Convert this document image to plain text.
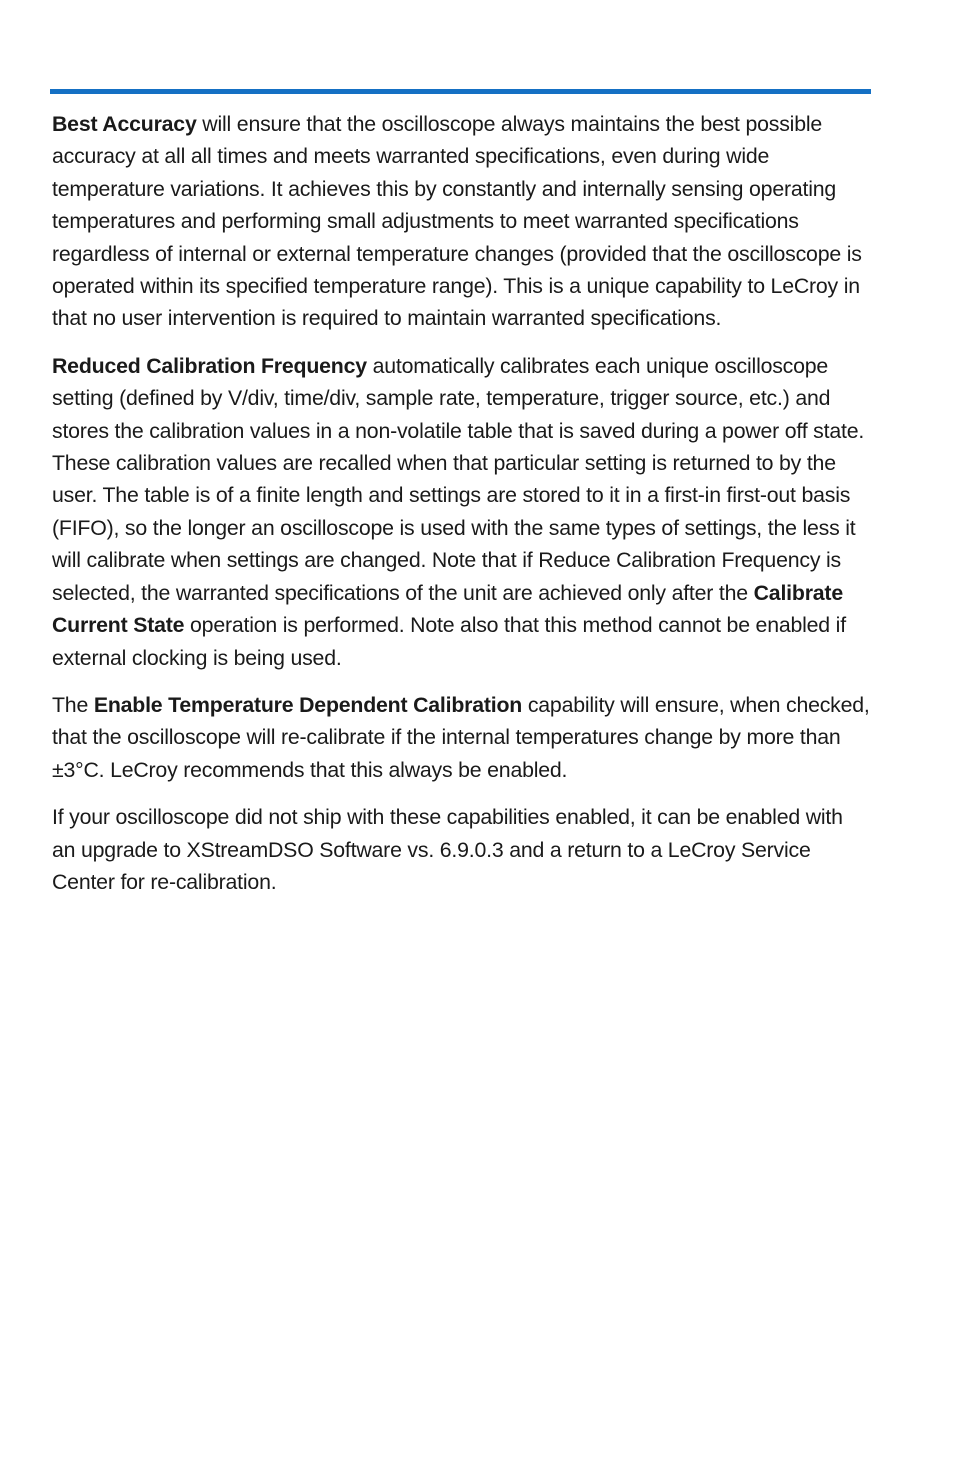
Best Accuracy will ensure that the oscilloscope always maintains the best possible accuracy at all all times and meets warranted specifications, even during wide temperature variations. It achieves this by constantly and internally sensing operating temperatures and performing small adjustments to meet warranted specifications regardless of internal or external temperature changes (provided that the oscilloscope is operated within its specified temperature range). This is a unique capability to LeCroy in that no user intervention is required to maintain warranted specifications.

Reduced Calibration Frequency automatically calibrates each unique oscilloscope setting (defined by V/div, time/div, sample rate, temperature, trigger source, etc.) and stores the calibration values in a non-volatile table that is saved during a power off state. These calibration values are recalled when that particular setting is returned to by the user. The table is of a finite length and settings are stored to it in a first-in first-out basis (FIFO), so the longer an oscilloscope is used with the same types of settings, the less it will calibrate when settings are changed. Note that if Reduce Calibration Frequency is selected, the warranted specifications of the unit are achieved only after the Calibrate Current State operation is performed. Note also that this method cannot be enabled if external clocking is being used.

The Enable Temperature Dependent Calibration capability will ensure, when checked, that the oscilloscope will re-calibrate if the internal temperatures change by more than ±3°C. LeCroy recommends that this always be enabled.

If your oscilloscope did not ship with these capabilities enabled, it can be enabled with an upgrade to XStreamDSO Software vs. 6.9.0.3 and a return to a LeCroy Service Center for re-calibration.
